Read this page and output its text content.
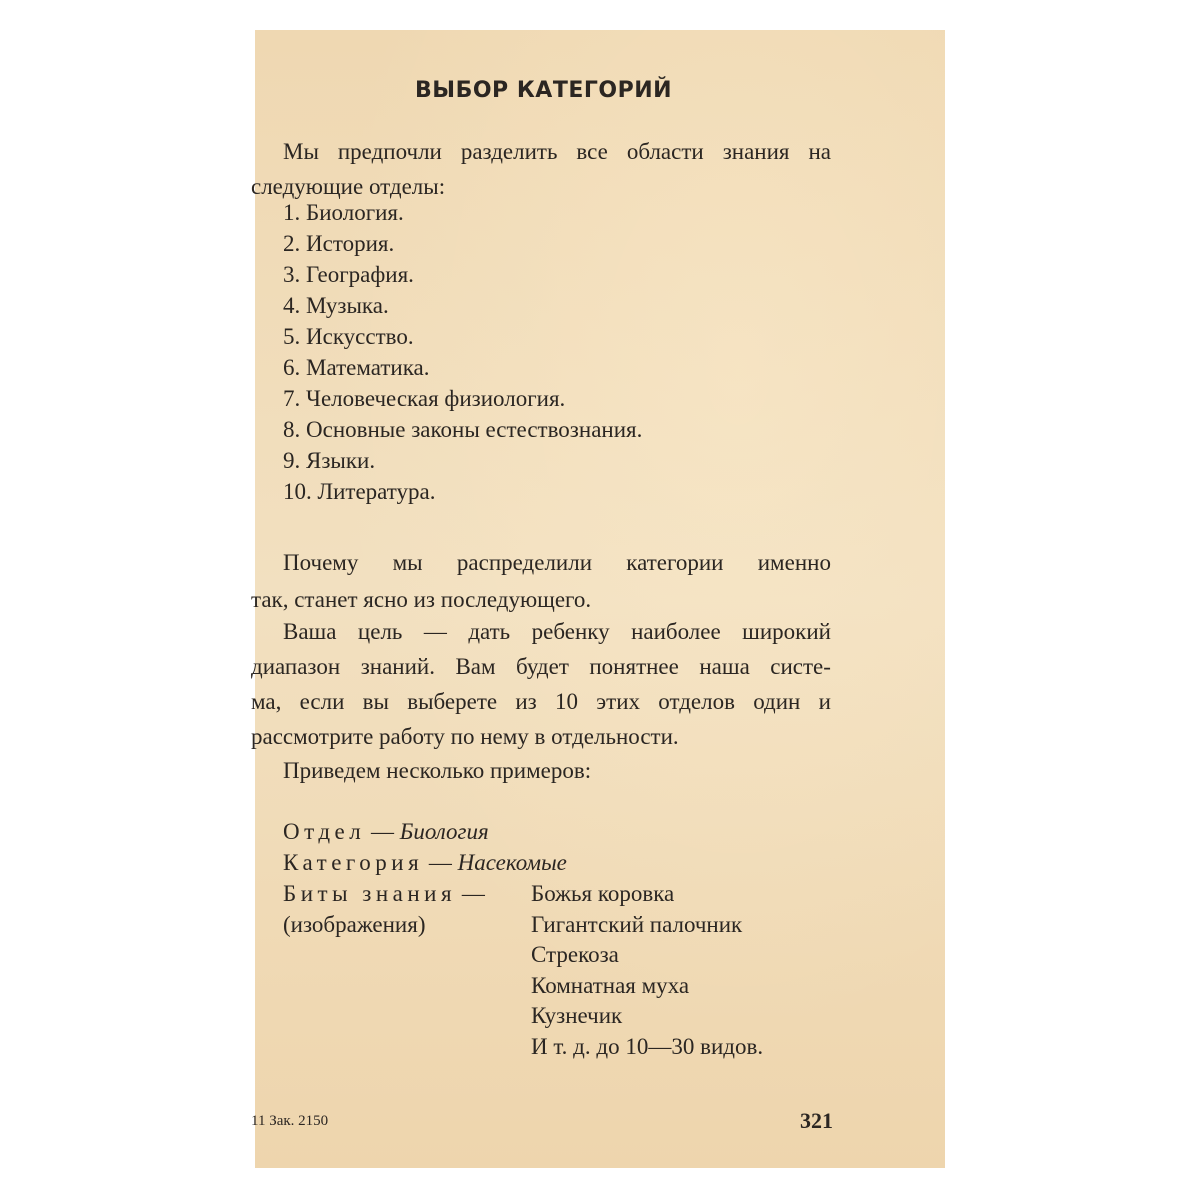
ВЫБОР КАТЕГОРИЙ
Мы предпочли разделить все области знания на
следующие отделы:
1. Биология.
2. История.
3. География.
4. Музыка.
5. Искусство.
6. Математика.
7. Человеческая физиология.
8. Основные законы естествознания.
9. Языки.
10. Литература.
Почему мы распределили категории именно
так, станет ясно из последующего.
Ваша цель — дать ребенку наиболее широкий
диапазон знаний. Вам будет понятнее наша систе-
ма, если вы выберете из 10 этих отделов один и
рассмотрите работу по нему в отдельности.
Приведем несколько примеров:
Отдел — Биология
Категория — Насекомые
Биты знания —
(изображения)
Божья коровка
Гигантский палочник
Стрекоза
Комнатная муха
Кузнечик
И т. д. до 10—30 видов.
11 Зак. 2150	321
